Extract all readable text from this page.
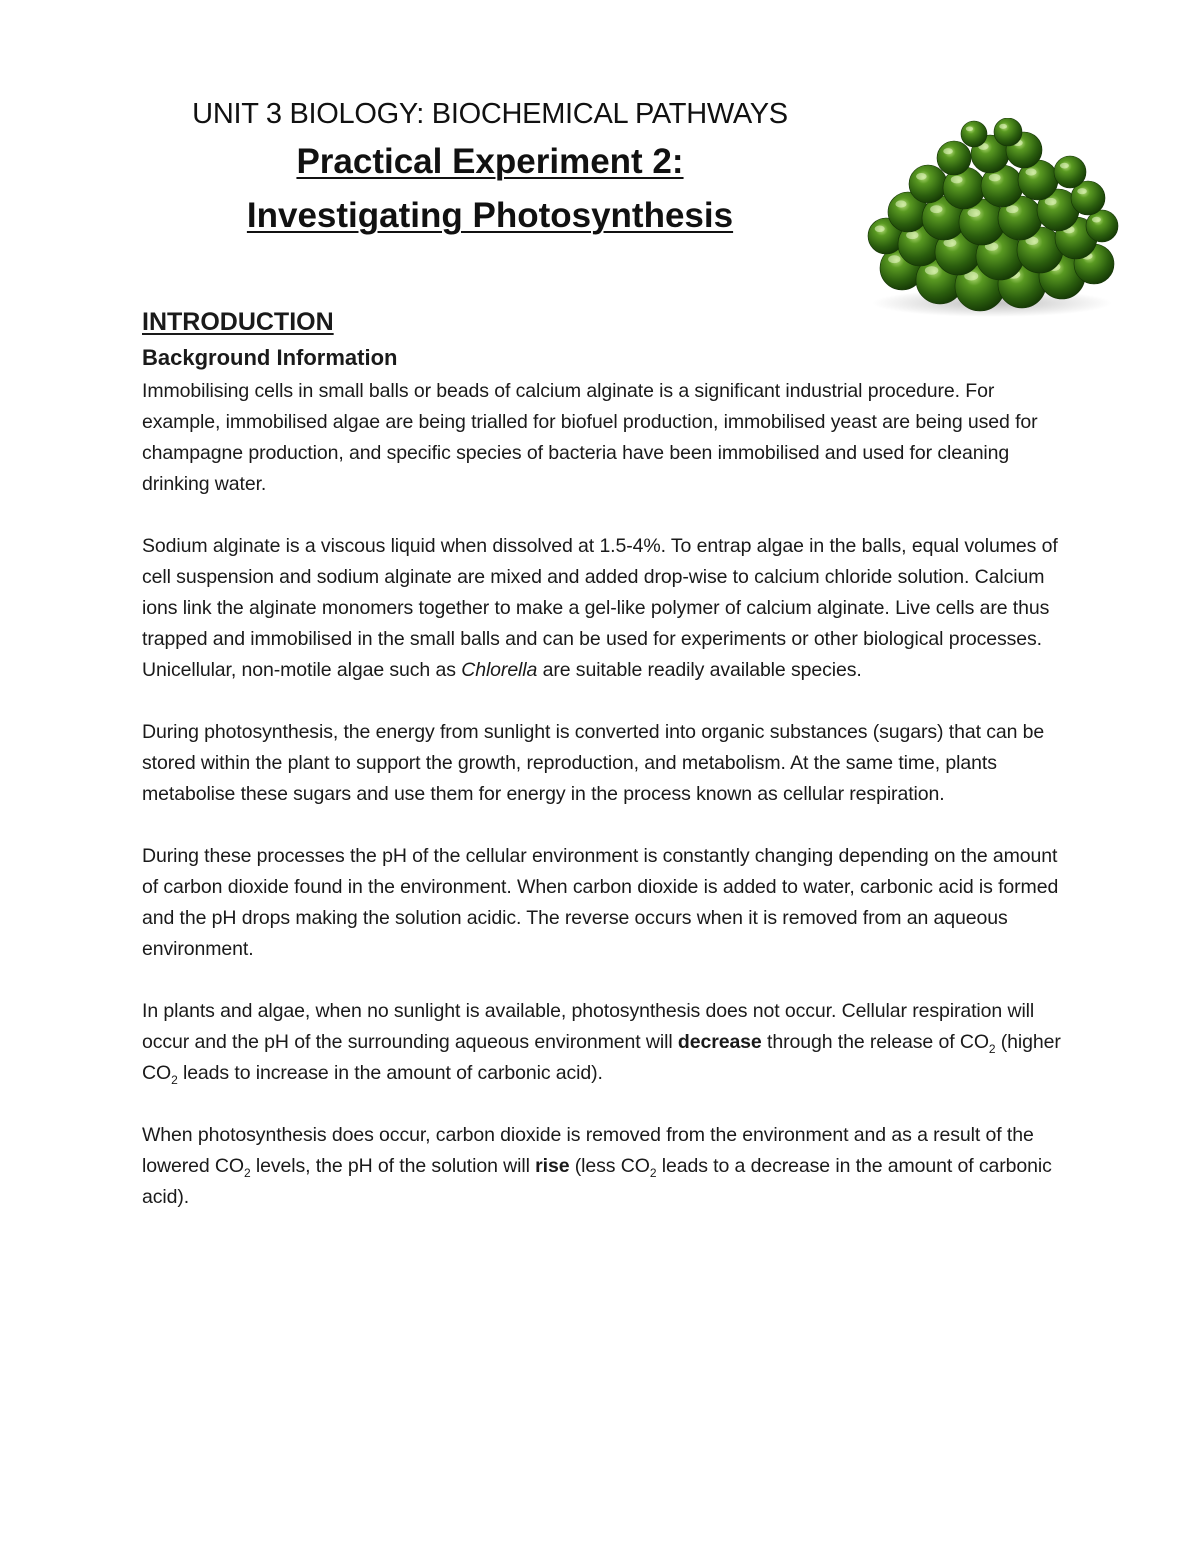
UNIT 3 BIOLOGY: BIOCHEMICAL PATHWAYS
Practical Experiment 2:
Investigating Photosynthesis
INTRODUCTION
Background Information

Immobilising cells in small balls or beads of calcium alginate is a significant industrial procedure. For example, immobilised algae are being trialled for biofuel production, immobilised yeast are being used for champagne production, and specific species of bacteria have been immobilised and used for cleaning drinking water.

Sodium alginate is a viscous liquid when dissolved at 1.5-4%. To entrap algae in the balls, equal volumes of cell suspension and sodium alginate are mixed and added drop-wise to calcium chloride solution. Calcium ions link the alginate monomers together to make a gel-like polymer of calcium alginate. Live cells are thus trapped and immobilised in the small balls and can be used for experiments or other biological processes. Unicellular, non-motile algae such as Chlorella are suitable readily available species.

During photosynthesis, the energy from sunlight is converted into organic substances (sugars) that can be stored within the plant to support the growth, reproduction, and metabolism. At the same time, plants metabolise these sugars and use them for energy in the process known as cellular respiration.

During these processes the pH of the cellular environment is constantly changing depending on the amount of carbon dioxide found in the environment. When carbon dioxide is added to water, carbonic acid is formed and the pH drops making the solution acidic. The reverse occurs when it is removed from an aqueous environment.

In plants and algae, when no sunlight is available, photosynthesis does not occur. Cellular respiration will occur and the pH of the surrounding aqueous environment will decrease through the release of $CO_2$ (higher $CO_2$ leads to increase in the amount of carbonic acid).

When photosynthesis does occur, carbon dioxide is removed from the environment and as a result of the lowered $CO_2$ levels, the pH of the solution will rise (less $CO_2$ leads to a decrease in the amount of carbonic acid).
